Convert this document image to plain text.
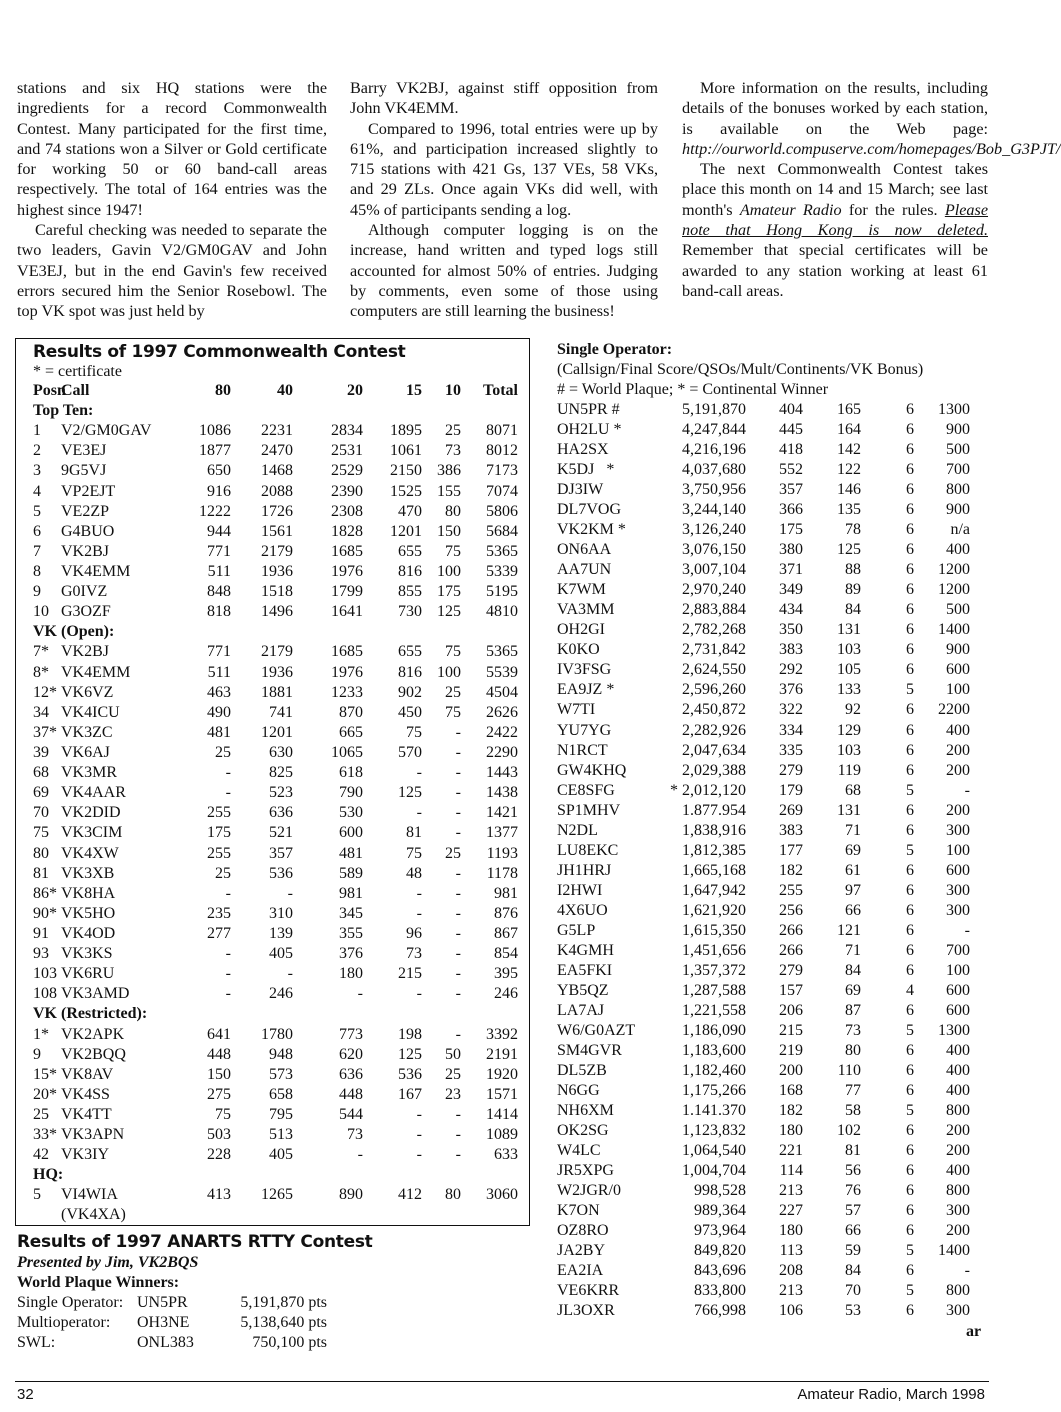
stations and six HQ stations were the ingredients for a record Commonwealth Contest. Many participated for the first time, and 74 stations won a Silver or Gold certificate for working 50 or 60 band-call areas respectively. The total of 164 entries was the highest since 1947!

Careful checking was needed to separate the two leaders, Gavin V2/GM0GAV and John VE3EJ, but in the end Gavin's few received errors secured him the Senior Rosebowl. The top VK spot was just held by

Barry VK2BJ, against stiff opposition from John VK4EMM.

Compared to 1996, total entries were up by 61%, and participation increased slightly to 715 stations with 421 Gs, 137 VEs, 58 VKs, and 29 ZLs. Once again VKs did well, with 45% of participants sending a log.

Although computer logging is on the increase, hand written and typed logs still accounted for almost 50% of entries. Judging by comments, even some of those using computers are still learning the business!

More information on the results, including details of the bonuses worked by each station, is available on the Web page: http://ourworld.compuserve.com/homepages/Bob_G3PJT/

The next Commonwealth Contest takes place this month on 14 and 15 March; see last month's Amateur Radio for the rules. Please note that Hong Kong is now deleted. Remember that special certificates will be awarded to any station working at least 61 band-call areas.

Results of 1997 Commonwealth Contest
* = certificate
Posn
Call	80	40	20	15 10 Total
Top Ten:
1 V2/GM0GAV	1086 2231 2834 1895 25 8071
2 VE3EJ	1877 2470 2531 1061 73 8012
3 9G5VJ	650 1468 2529 2150 386 7173
4 VP2EJT	916 2088 2390 1525 155 7074
5 VE2ZP	1222 1726 2308 470 80 5806
6 G4BUO	944 1561 1828 1201 150 5684
7 VK2BJ	771 2179 1685 655 75 5365
8 VK4EMM	511 1936 1976 816 100 5339
9 G0IVZ	848 1518 1799 855 175 5195
10 G3OZF	818 1496 1641 730 125 4810
VK (Open):
7* VK2BJ	771 2179 1685 655 75 5365
8* VK4EMM	511 1936 1976 816 100 5539
12* VK6VZ	463 1881 1233 902 25 4504
34 VK4ICU	490 741	870 450 75 2626
37* VK3ZC	481 1201	665	75 - 2422
39 VK6AJ	25 630 1065 570 - 2290
68 VK3MR	- 825	618	- - 1443
69 VK4AAR	- 523	790 125 - 1438
70 VK2DID	255 636	530	- - 1421
75 VK3CIM	175 521	600	81 - 1377
80 VK4XW	255 357	481	75 25 1193
81 VK3XB	25 536	589	48 - 1178
86* VK8HA	-	-	981	- - 981
90* VK5HO	235 310	345	- - 876
91 VK4OD	277 139	355	96 - 867
93 VK3KS	- 405	376	73 - 854
103 VK6RU	-	-	180 215 - 395
108 VK3AMD	- 246	-	- - 246
VK (Restricted):
1* VK2APK	641 1780	773 198 - 3392
9 VK2BQQ	448 948	620 125 50 2191
15* VK8AV	150 573	636 536 25 1920
20* VK4SS	275 658	448 167 23 1571
25 VK4TT	75 795	544	- - 1414
33* VK3APN	503 513	73	- - 1089
42 VK3IY	228 405	-	- - 633
HQ:
5 VI4WIA	413 1265	890 412 80 3060
(VK4XA)
Results of 1997 ANARTS RTTY Contest
Presented by Jim, VK2BQS
World Plaque Winners:
Single Operator: UN5PR	5,191,870 pts
Multioperator: OH3NE	5,138,640 pts
SWL:	ONL383	750,100 pts
Single Operator:
(Callsign/Final Score/QSOs/Mult/Continents/VK Bonus)
# = World Plaque; * = Continental Winner
UN5PR #	5,191,870 404 165	6 1300
OH2LU *	4,247,844 445 164	6 900
HA2SX	4,216,196 418 142	6 500
K5DJ   *	4,037,680 552 122	6 700
DJ3IW	3,750,956 357 146	6 800
DL7VOG	3,244,140 366 135	6 900
VK2KM *	3,126,240 175	78	6 n/a
ON6AA	3,076,150 380 125	6 400
AA7UN	3,007,104 371	88	6 1200
K7WM	2,970,240 349	89	6 1200
VA3MM	2,883,884 434	84	6 500
OH2GI	2,782,268 350 131	6 1400
K0KO	2,731,842 383 103	6 900
IV3FSG	2,624,550 292 105	6 600
EA9JZ *	2,596,260 376 133	5 100
W7TI	2,450,872 322	92	6 2200
YU7YG	2,282,926 334 129	6 400
N1RCT	2,047,634 335 103	6 200
GW4KHQ	2,029,388 279 119	6 200
CE8SFG	* 2,012,120 179	68	5	-
SP1MHV	1.877.954 269 131	6 200
N2DL	1,838,916 383	71	6 300
LU8EKC	1,812,385 177	69	5 100
JH1HRJ	1,665,168 182	61	6 600
I2HWI	1,647,942 255	97	6 300
4X6UO	1,621,920 256	66	6 300
G5LP	1,615,350 266 121	6	-
K4GMH	1,451,656 266	71	6 700
EA5FKI	1,357,372 279	84	6 100
YB5QZ	1,287,588 157	69	4 600
LA7AJ	1,221,558 206	87	6 600
W6/G0AZT	1,186,090 215	73	5 1300
SM4GVR	1,183,600 219	80	6 400
DL5ZB	1,182,460 200 110	6 400
N6GG	1,175,266 168	77	6 400
NH6XM	1.141.370 182	58	5 800
OK2SG	1,123,832 180 102	6 200
W4LC	1,064,540 221	81	6 200
JR5XPG	1,004,704 114	56	6 400
W2JGR/0	998,528 213	76	6 800
K7ON	989,364 227	57	6 300
OZ8RO	973,964 180	66	6 200
JA2BY	849,820 113	59	5 1400
EA2IA	843,696 208	84	6	-
VE6KRR	833,800 213	70	5 800
JL3OXR	766,998 106	53	6 300
ar
32	Amateur Radio, March 1998
